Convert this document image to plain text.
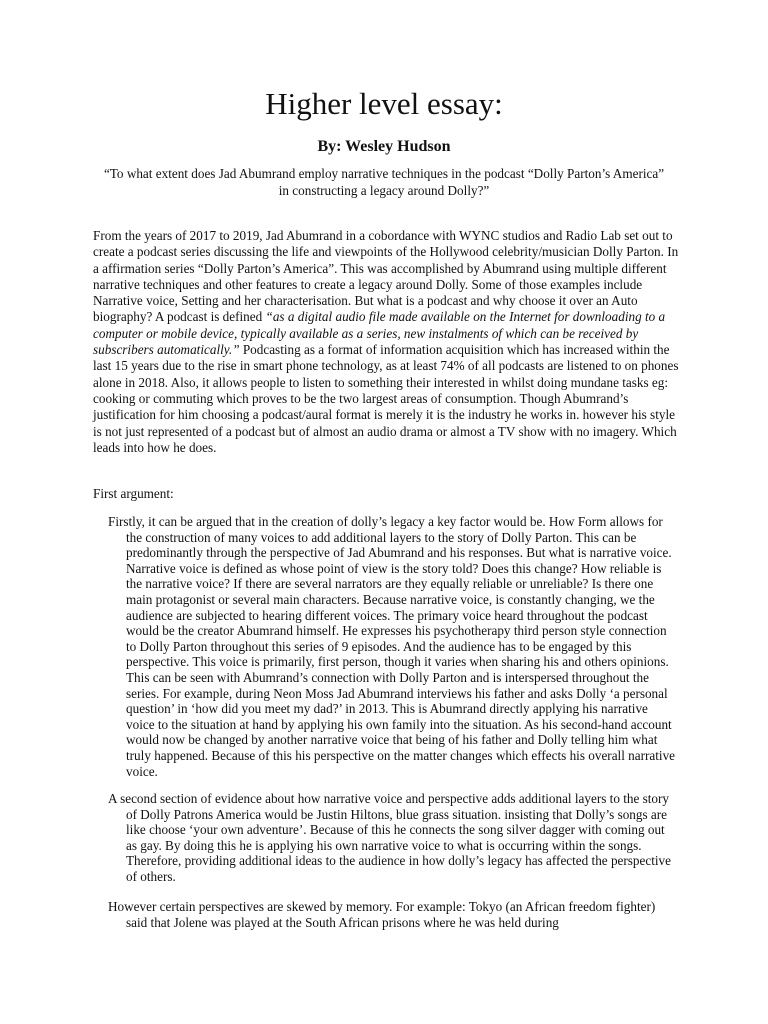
Higher level essay:

By: Wesley Hudson

“To what extent does Jad Abumrand employ narrative techniques in the podcast “Dolly Parton’s America” in constructing a legacy around Dolly?”

From the years of 2017 to 2019, Jad Abumrand in a cobordance with WYNC studios and Radio Lab set out to create a podcast series discussing the life and viewpoints of the Hollywood celebrity/musician Dolly Parton. In a affirmation series “Dolly Parton’s America”. This was accomplished by Abumrand using multiple different narrative techniques and other features to create a legacy around Dolly. Some of those examples include Narrative voice, Setting and her characterisation. But what is a podcast and why choose it over an Auto biography? A podcast is defined “as a digital audio file made available on the Internet for downloading to a computer or mobile device, typically available as a series, new instalments of which can be received by subscribers automatically.” Podcasting as a format of information acquisition which has increased within the last 15 years due to the rise in smart phone technology, as at least 74% of all podcasts are listened to on phones alone in 2018. Also, it allows people to listen to something their interested in whilst doing mundane tasks eg: cooking or commuting which proves to be the two largest areas of consumption. Though Abumrand’s justification for him choosing a podcast/aural format is merely it is the industry he works in. however his style is not just represented of a podcast but of almost an audio drama or almost a TV show with no imagery. Which leads into how he does.

First argument:

Firstly, it can be argued that in the creation of dolly’s legacy a key factor would be. How Form allows for the construction of many voices to add additional layers to the story of Dolly Parton. This can be predominantly through the perspective of Jad Abumrand and his responses. But what is narrative voice. Narrative voice is defined as whose point of view is the story told? Does this change? How reliable is the narrative voice? If there are several narrators are they equally reliable or unreliable? Is there one main protagonist or several main characters. Because narrative voice, is constantly changing, we the audience are subjected to hearing different voices. The primary voice heard throughout the podcast would be the creator Abumrand himself. He expresses his psychotherapy third person style connection to Dolly Parton throughout this series of 9 episodes. And the audience has to be engaged by this perspective. This voice is primarily, first person, though it varies when sharing his and others opinions. This can be seen with Abumrand’s connection with Dolly Parton and is interspersed throughout the series. For example, during Neon Moss Jad Abumrand interviews his father and asks Dolly ‘a personal question’ in ‘how did you meet my dad?’ in 2013. This is Abumrand directly applying his narrative voice to the situation at hand by applying his own family into the situation. As his second-hand account would now be changed by another narrative voice that being of his father and Dolly telling him what truly happened. Because of this his perspective on the matter changes which effects his overall narrative voice.

A second section of evidence about how narrative voice and perspective adds additional layers to the story of Dolly Patrons America would be Justin Hiltons, blue grass situation. insisting that Dolly’s songs are like choose ‘your own adventure’. Because of this he connects the song silver dagger with coming out as gay. By doing this he is applying his own narrative voice to what is occurring within the songs. Therefore, providing additional ideas to the audience in how dolly’s legacy has affected the perspective of others.

However certain perspectives are skewed by memory. For example: Tokyo (an African freedom fighter) said that Jolene was played at the South African prisons where he was held during
